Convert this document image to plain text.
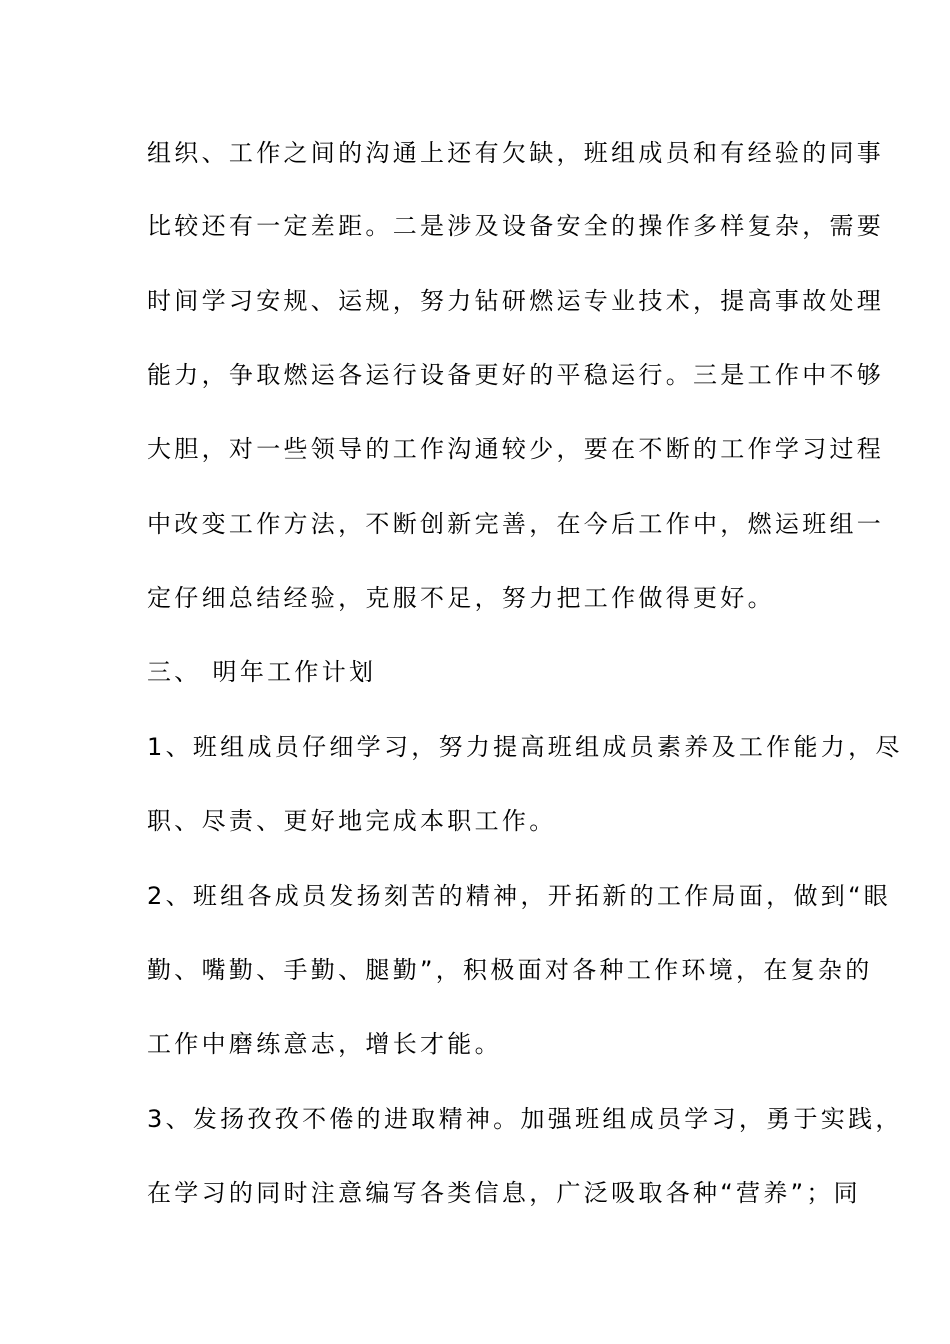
组织、工作之间的沟通上还有欠缺，班组成员和有经验的同事
比较还有一定差距。二是涉及设备安全的操作多样复杂，需要
时间学习安规、运规，努力钻研燃运专业技术，提高事故处理
能力，争取燃运各运行设备更好的平稳运行。三是工作中不够
大胆，对一些领导的工作沟通较少，要在不断的工作学习过程
中改变工作方法，不断创新完善，在今后工作中，燃运班组一
定仔细总结经验，克服不足，努力把工作做得更好。
三、 明年工作计划
1、班组成员仔细学习，努力提高班组成员素养及工作能力，尽
职、尽责、更好地完成本职工作。
2、班组各成员发扬刻苦的精神，开拓新的工作局面，做到“眼
勤、嘴勤、手勤、腿勤”，积极面对各种工作环境，在复杂的
工作中磨练意志，增长才能。
3、发扬孜孜不倦的进取精神。加强班组成员学习，勇于实践，
在学习的同时注意编写各类信息，广泛吸取各种“营养”；同
